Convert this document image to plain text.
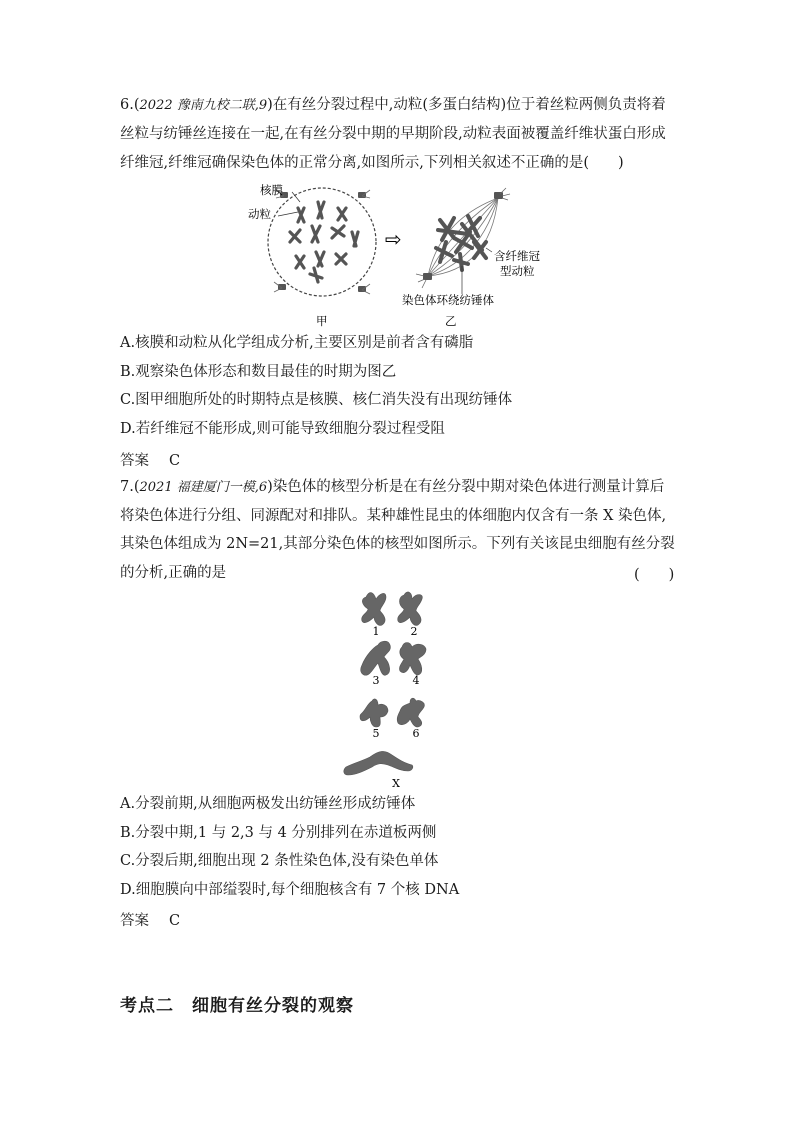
6.(2022 豫南九校二联,9)在有丝分裂过程中,动粒(多蛋白结构)位于着丝粒两侧负责将着
丝粒与纺锤丝连接在一起,在有丝分裂中期的早期阶段,动粒表面被覆盖纤维状蛋白形成
纤维冠,纤维冠确保染色体的正常分离,如图所示,下列相关叙述不正确的是(　　)
核膜
动粒
⇨
含纤维冠
型动粒
染色体环绕纺锤体
甲	乙
A.核膜和动粒从化学组成分析,主要区别是前者含有磷脂
B.观察染色体形态和数目最佳的时期为图乙
C.图甲细胞所处的时期特点是核膜、核仁消失没有出现纺锤体
D.若纤维冠不能形成,则可能导致细胞分裂过程受阻
答案 C
7.(2021 福建厦门一模,6)染色体的核型分析是在有丝分裂中期对染色体进行测量计算后
将染色体进行分组、同源配对和排队。某种雄性昆虫的体细胞内仅含有一条 X 染色体,
其染色体组成为 2N=21,其部分染色体的核型如图所示。下列有关该昆虫细胞有丝分裂
的分析,正确的是	(　　)
1	2
3	4
5	6
X
A.分裂前期,从细胞两极发出纺锤丝形成纺锤体
B.分裂中期,1 与 2,3 与 4 分别排列在赤道板两侧
C.分裂后期,细胞出现 2 条性染色体,没有染色单体
D.细胞膜向中部缢裂时,每个细胞核含有 7 个核 DNA
答案 C
考点二　细胞有丝分裂的观察
